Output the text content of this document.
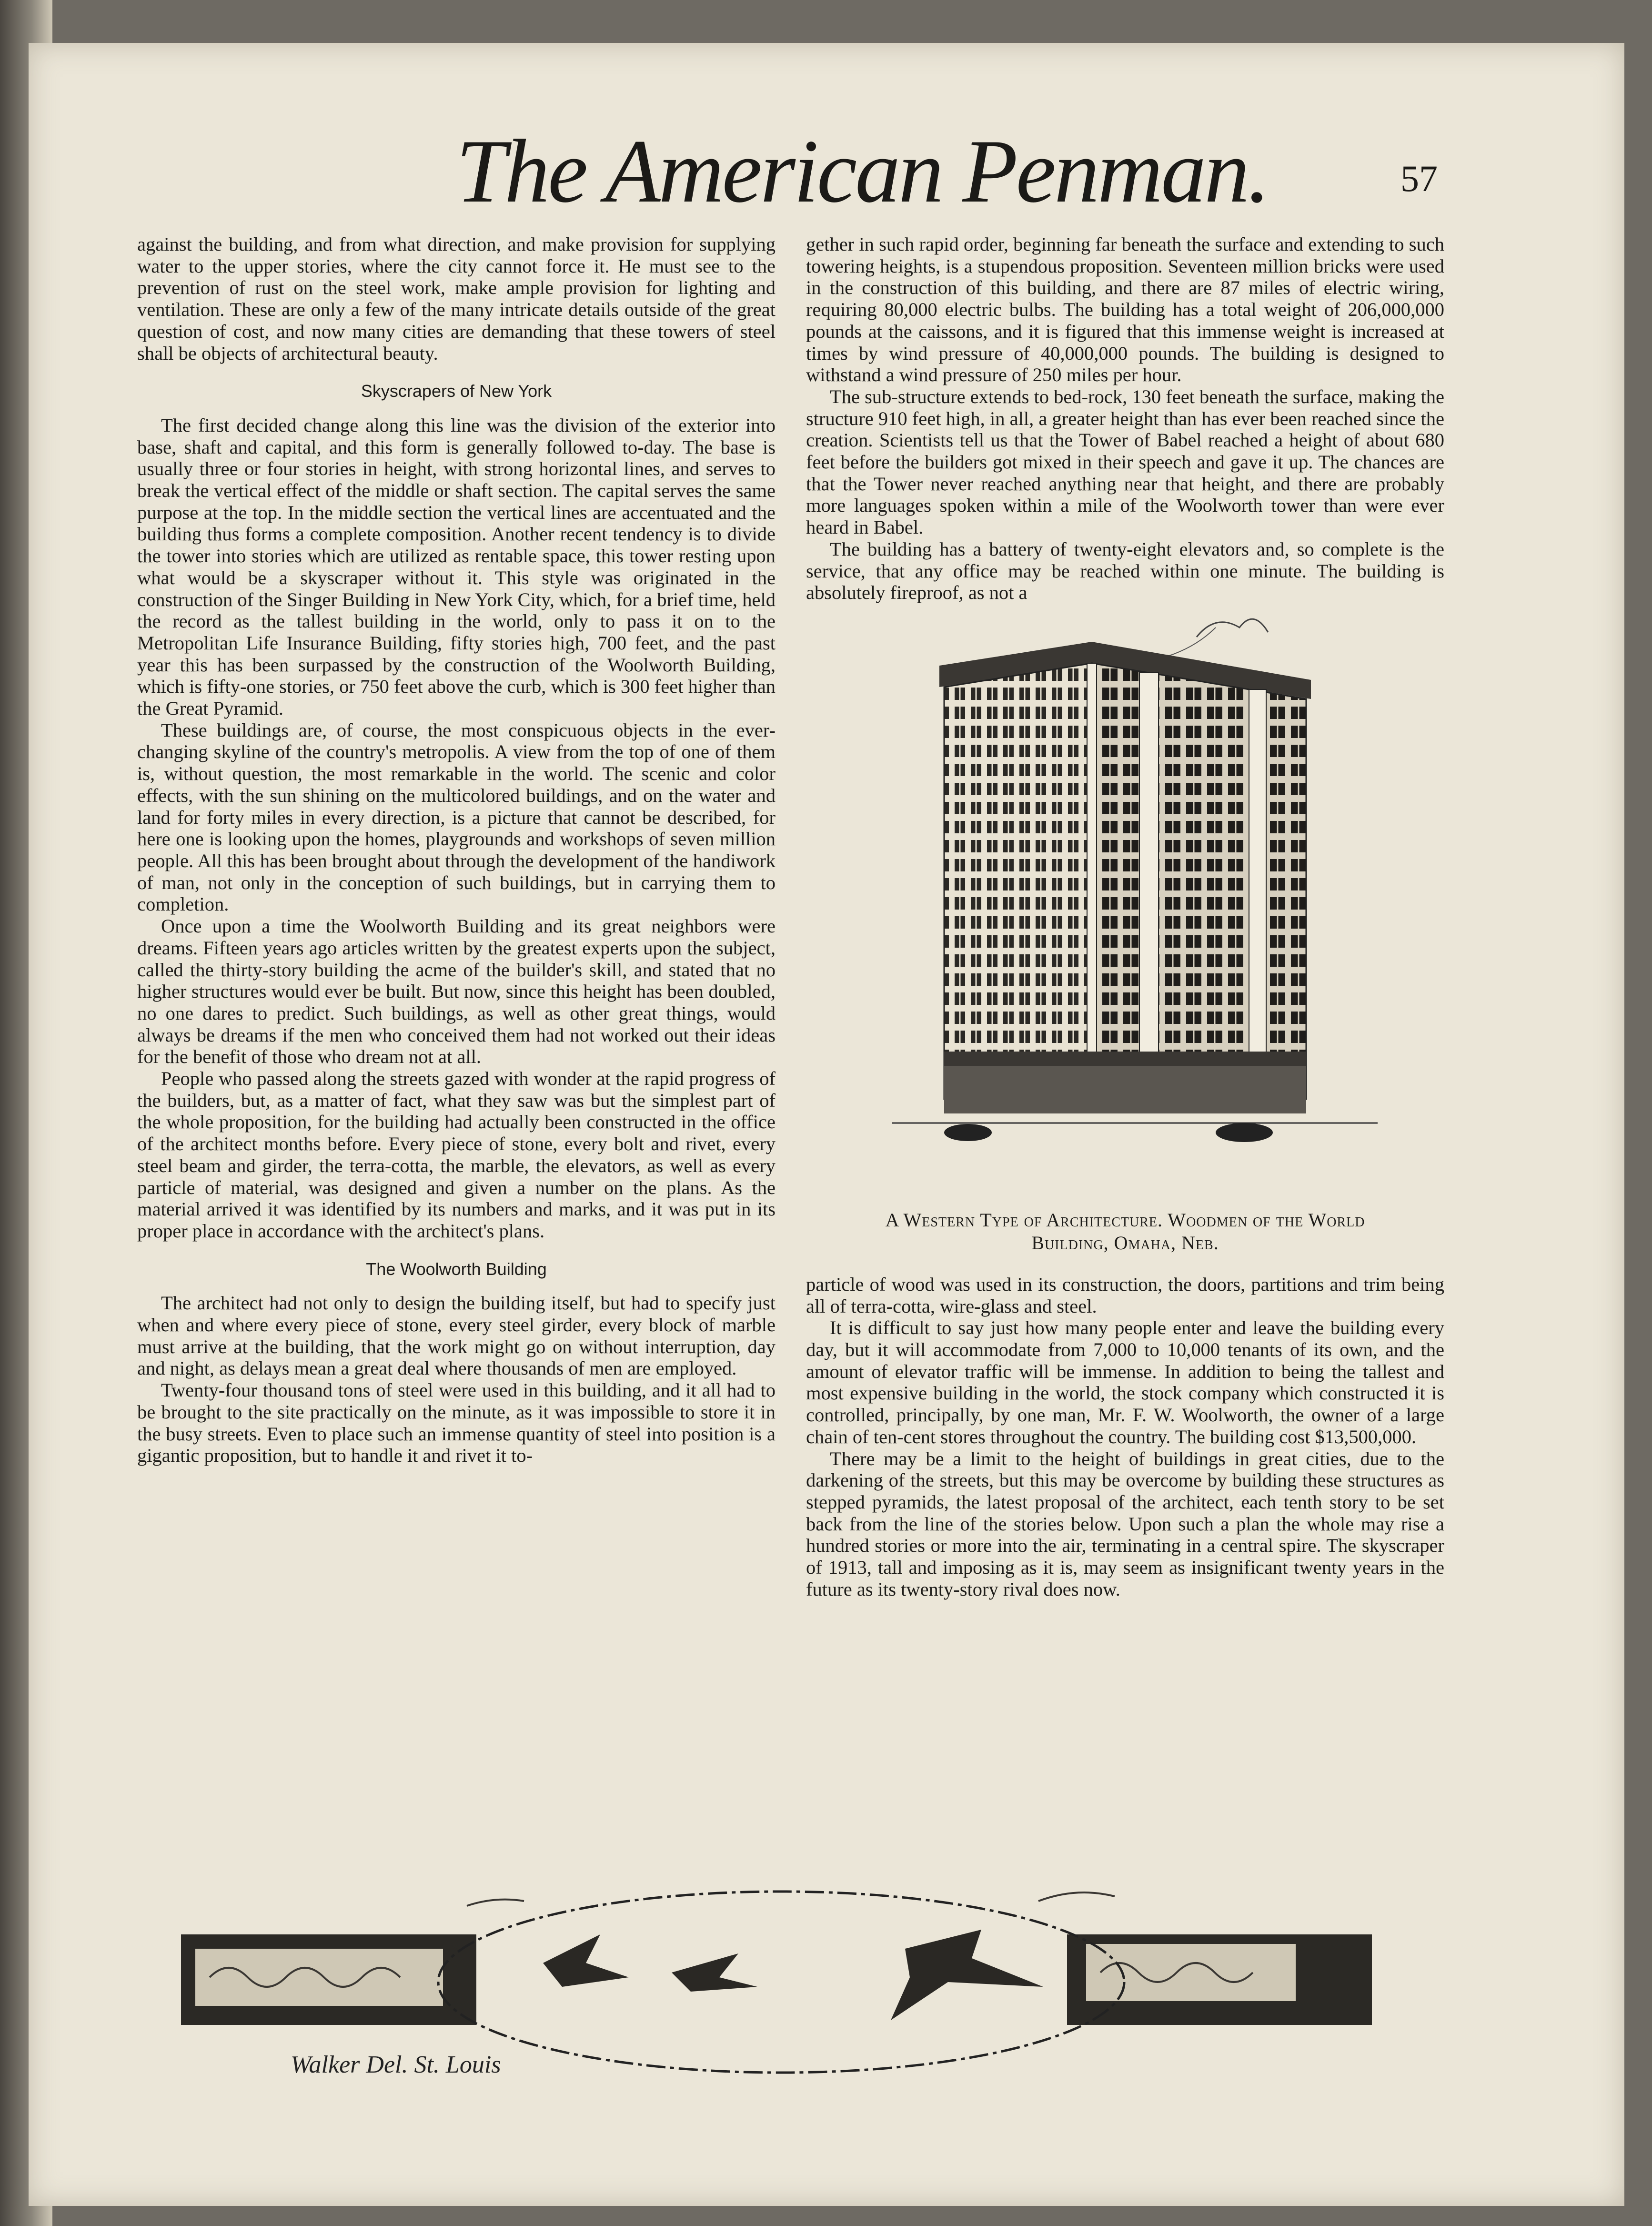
The American Penman.	57

against the building, and from what direction, and make provision for supplying water to the upper stories, where the city cannot force it. He must see to the prevention of rust on the steel work, make ample provision for lighting and ventilation. These are only a few of the many intricate details outside of the great question of cost, and now many cities are demanding that these towers of steel shall be objects of architectural beauty.

Skyscrapers of New York

The first decided change along this line was the division of the exterior into base, shaft and capital, and this form is generally followed to-day. The base is usually three or four stories in height, with strong horizontal lines, and serves to break the vertical effect of the middle or shaft section. The capital serves the same purpose at the top. In the middle section the vertical lines are accentuated and the building thus forms a complete composition. Another recent tendency is to divide the tower into stories which are utilized as rentable space, this tower resting upon what would be a skyscraper without it. This style was originated in the construction of the Singer Building in New York City, which, for a brief time, held the record as the tallest building in the world, only to pass it on to the Metropolitan Life Insurance Building, fifty stories high, 700 feet, and the past year this has been surpassed by the construction of the Woolworth Building, which is fifty-one stories, or 750 feet above the curb, which is 300 feet higher than the Great Pyramid.

These buildings are, of course, the most conspicuous objects in the ever-changing skyline of the country's metropolis. A view from the top of one of them is, without question, the most remarkable in the world. The scenic and color effects, with the sun shining on the multicolored buildings, and on the water and land for forty miles in every direction, is a picture that cannot be described, for here one is looking upon the homes, playgrounds and workshops of seven million people. All this has been brought about through the development of the handiwork of man, not only in the conception of such buildings, but in carrying them to completion.

Once upon a time the Woolworth Building and its great neighbors were dreams. Fifteen years ago articles written by the greatest experts upon the subject, called the thirty-story building the acme of the builder's skill, and stated that no higher structures would ever be built. But now, since this height has been doubled, no one dares to predict. Such buildings, as well as other great things, would always be dreams if the men who conceived them had not worked out their ideas for the benefit of those who dream not at all.

People who passed along the streets gazed with wonder at the rapid progress of the builders, but, as a matter of fact, what they saw was but the simplest part of the whole proposition, for the building had actually been constructed in the office of the architect months before. Every piece of stone, every bolt and rivet, every steel beam and girder, the terra-cotta, the marble, the elevators, as well as every particle of material, was designed and given a number on the plans. As the material arrived it was identified by its numbers and marks, and it was put in its proper place in accordance with the architect's plans.

The Woolworth Building

The architect had not only to design the building itself, but had to specify just when and where every piece of stone, every steel girder, every block of marble must arrive at the building, that the work might go on without interruption, day and night, as delays mean a great deal where thousands of men are employed.

Twenty-four thousand tons of steel were used in this building, and it all had to be brought to the site practically on the minute, as it was impossible to store it in the busy streets. Even to place such an immense quantity of steel into position is a gigantic proposition, but to handle it and rivet it to-

gether in such rapid order, beginning far beneath the surface and extending to such towering heights, is a stupendous proposition. Seventeen million bricks were used in the construction of this building, and there are 87 miles of electric wiring, requiring 80,000 electric bulbs. The building has a total weight of 206,000,000 pounds at the caissons, and it is figured that this immense weight is increased at times by wind pressure of 40,000,000 pounds. The building is designed to withstand a wind pressure of 250 miles per hour.

The sub-structure extends to bed-rock, 130 feet beneath the surface, making the structure 910 feet high, in all, a greater height than has ever been reached since the creation. Scientists tell us that the Tower of Babel reached a height of about 680 feet before the builders got mixed in their speech and gave it up. The chances are that the Tower never reached anything near that height, and there are probably more languages spoken within a mile of the Woolworth tower than were ever heard in Babel.

The building has a battery of twenty-eight elevators and, so complete is the service, that any office may be reached within one minute. The building is absolutely fireproof, as not a

A Western Type of Architecture. Woodmen of the World
Building, Omaha, Neb.

particle of wood was used in its construction, the doors, partitions and trim being all of terra-cotta, wire-glass and steel.

It is difficult to say just how many people enter and leave the building every day, but it will accommodate from 7,000 to 10,000 tenants of its own, and the amount of elevator traffic will be immense. In addition to being the tallest and most expensive building in the world, the stock company which constructed it is controlled, principally, by one man, Mr. F. W. Woolworth, the owner of a large chain of ten-cent stores throughout the country. The building cost $13,500,000.

There may be a limit to the height of buildings in great cities, due to the darkening of the streets, but this may be overcome by building these structures as stepped pyramids, the latest proposal of the architect, each tenth story to be set back from the line of the stories below. Upon such a plan the whole may rise a hundred stories or more into the air, terminating in a central spire. The skyscraper of 1913, tall and imposing as it is, may seem as insignificant twenty years in the future as its twenty-story rival does now.

Walker Del. St. Louis
